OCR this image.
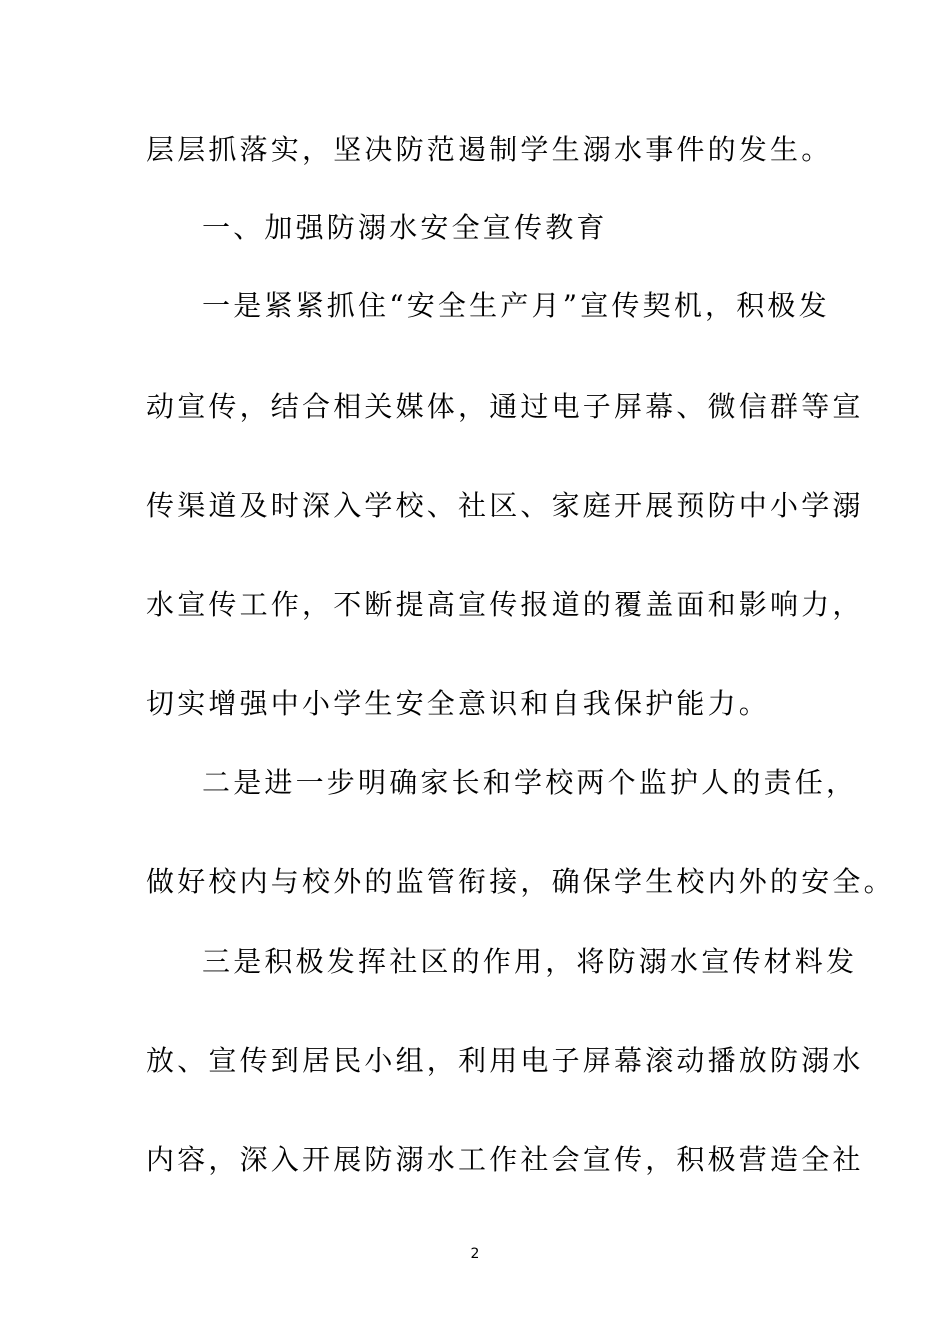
层层抓落实，坚决防范遏制学生溺水事件的发生。
一、加强防溺水安全宣传教育
一是紧紧抓住“安全生产月”宣传契机，积极发
动宣传，结合相关媒体，通过电子屏幕、微信群等宣
传渠道及时深入学校、社区、家庭开展预防中小学溺
水宣传工作，不断提高宣传报道的覆盖面和影响力，
切实增强中小学生安全意识和自我保护能力。
二是进一步明确家长和学校两个监护人的责任，
做好校内与校外的监管衔接，确保学生校内外的安全。
三是积极发挥社区的作用，将防溺水宣传材料发
放、宣传到居民小组，利用电子屏幕滚动播放防溺水
内容，深入开展防溺水工作社会宣传，积极营造全社
2
